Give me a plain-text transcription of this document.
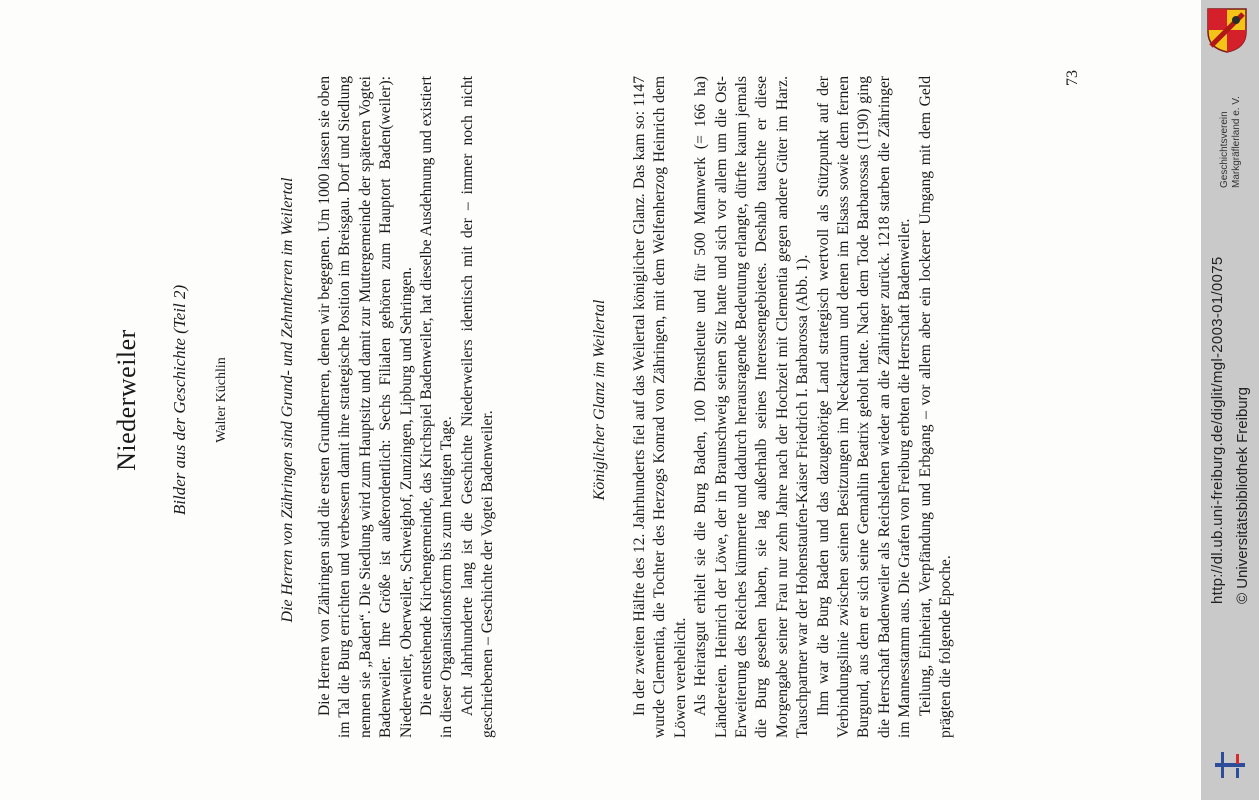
Niederweiler Bilder aus der Geschichte (Teil 2) Walter Küchlin	Die Herren von Zähringen sind Grund- und Zehntherren im Weilertal Die Herren von Zähringen sind die ersten Grundherren, denen wir begegnen. Um 1000 lassen sie oben im Tal die Burg errichten und verbessern damit ihre strategische Position im Breisgau. Dorf und Siedlung nennen sie „Baden“. Die Siedlung wird zum Hauptsitz und damit zur Muttergemeinde der späteren Vogtei Badenweiler. Ihre Größe ist außerordentlich: Sechs Filialen gehören zum Hauptort Baden(weiler): Niederweiler, Oberweiler, Schweighof, Zunzingen, Lipburg und Sehringen. Die entstehende Kirchengemeinde, das Kirchspiel Badenweiler, hat dieselbe Ausdehnung und existiert in dieser Organisationsform bis zum heutigen Tage. Acht Jahrhunderte lang ist die Geschichte Niederweilers identisch mit der – immer noch nicht geschriebenen – Geschichte der Vogtei Badenweiler.

Königlicher Glanz im Weilertal In der zweiten Hälfte des 12. Jahrhunderts fiel auf das Weilertal königlicher Glanz. Das kam so: 1147 wurde Clementia, die Tochter des Herzogs Konrad von Zähringen, mit dem Welfenherzog Heinrich dem Löwen verehelicht. Als Heiratsgut erhielt sie die Burg Baden, 100 Dienstleute und für 500 Mannwerk (= 166 ha) Ländereien. Heinrich der Löwe, der in Braunschweig seinen Sitz hatte und sich vor allem um die Ost-Erweiterung des Reiches kümmerte und dadurch herausragende Bedeutung erlangte, dürfte kaum jemals die Burg gesehen haben, sie lag außerhalb seines Interessengebietes. Deshalb tauschte er diese Morgengabe seiner Frau nur zehn Jahre nach der Hochzeit mit Clementia gegen andere Güter im Harz. Tauschpartner war der Hohenstaufen-Kaiser Friedrich I. Barbarossa (Abb. 1). Ihm war die Burg Baden und das dazugehörige Land strategisch wertvoll als Stützpunkt auf der Verbindungslinie zwischen seinen Besitzungen im Neckarraum und denen im Elsass sowie dem fernen Burgund, aus dem er sich seine Gemahlin Beatrix geholt hatte. Nach dem Tode Barbarossas (1190) ging die Herrschaft Badenweiler als Reichslehen wieder an die Zähringer zurück. 1218 starben die Zähringer im Mannesstamm aus. Die Grafen von Freiburg erbten die Herrschaft Badenweiler. Teilung, Einheirat, Verpfändung und Erbgang – vor allem aber ein lockerer Umgang mit dem Geld prägten die folgende Epoche.

73
http://dl.ub.uni-freiburg.de/diglit/mgl-2003-01/0075 © Universitätsbibliothek Freiburg
Geschichtsverein Markgräflerland e. V.
